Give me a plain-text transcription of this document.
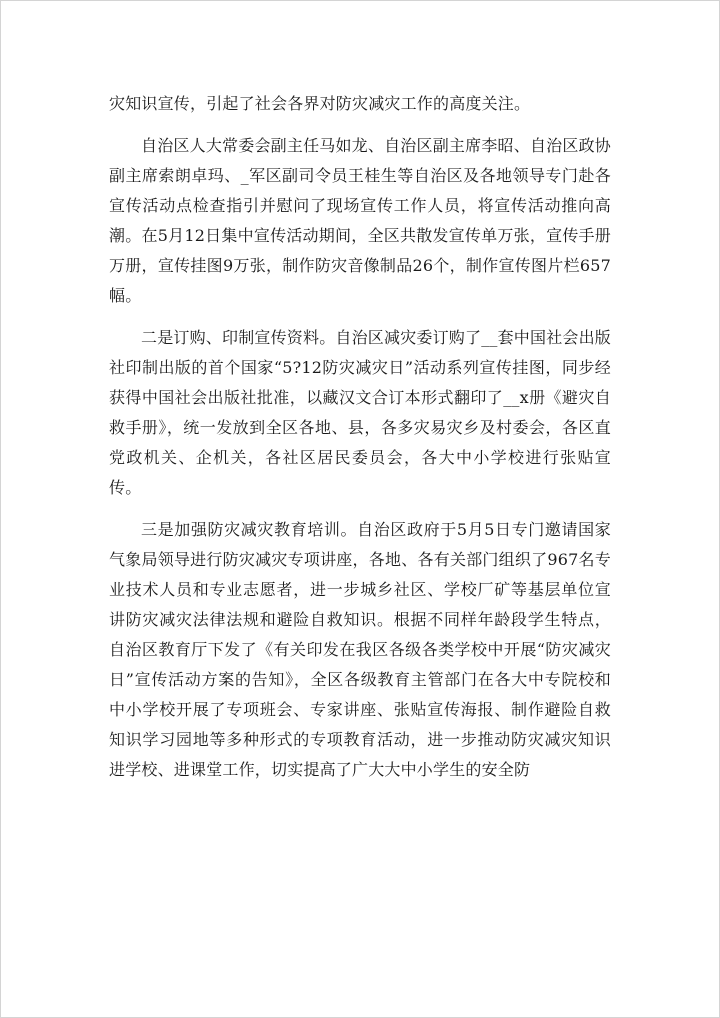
灾知识宣传，引起了社会各界对防灾减灾工作的高度关注。

自治区人大常委会副主任马如龙、自治区副主席李昭、自治区政协副主席索朗卓玛、_军区副司令员王桂生等自治区及各地领导专门赴各宣传活动点检查指引并慰问了现场宣传工作人员，将宣传活动推向高潮。在5月12日集中宣传活动期间，全区共散发宣传单万张，宣传手册万册，宣传挂图9万张，制作防灾音像制品26个，制作宣传图片栏657幅。

二是订购、印制宣传资料。自治区减灾委订购了__套中国社会出版社印制出版的首个国家“5?12防灾减灾日”活动系列宣传挂图，同步经获得中国社会出版社批准，以藏汉文合订本形式翻印了__x册《避灾自救手册》，统一发放到全区各地、县，各多灾易灾乡及村委会，各区直党政机关、企机关，各社区居民委员会，各大中小学校进行张贴宣传。

三是加强防灾减灾教育培训。自治区政府于5月5日专门邀请国家气象局领导进行防灾减灾专项讲座，各地、各有关部门组织了967名专业技术人员和专业志愿者，进一步城乡社区、学校厂矿等基层单位宣讲防灾减灾法律法规和避险自救知识。根据不同样年龄段学生特点，自治区教育厅下发了《有关印发在我区各级各类学校中开展“防灾减灾日”宣传活动方案的告知》，全区各级教育主管部门在各大中专院校和中小学校开展了专项班会、专家讲座、张贴宣传海报、制作避险自救知识学习园地等多种形式的专项教育活动，进一步推动防灾减灾知识进学校、进课堂工作，切实提高了广大大中小学生的安全防
